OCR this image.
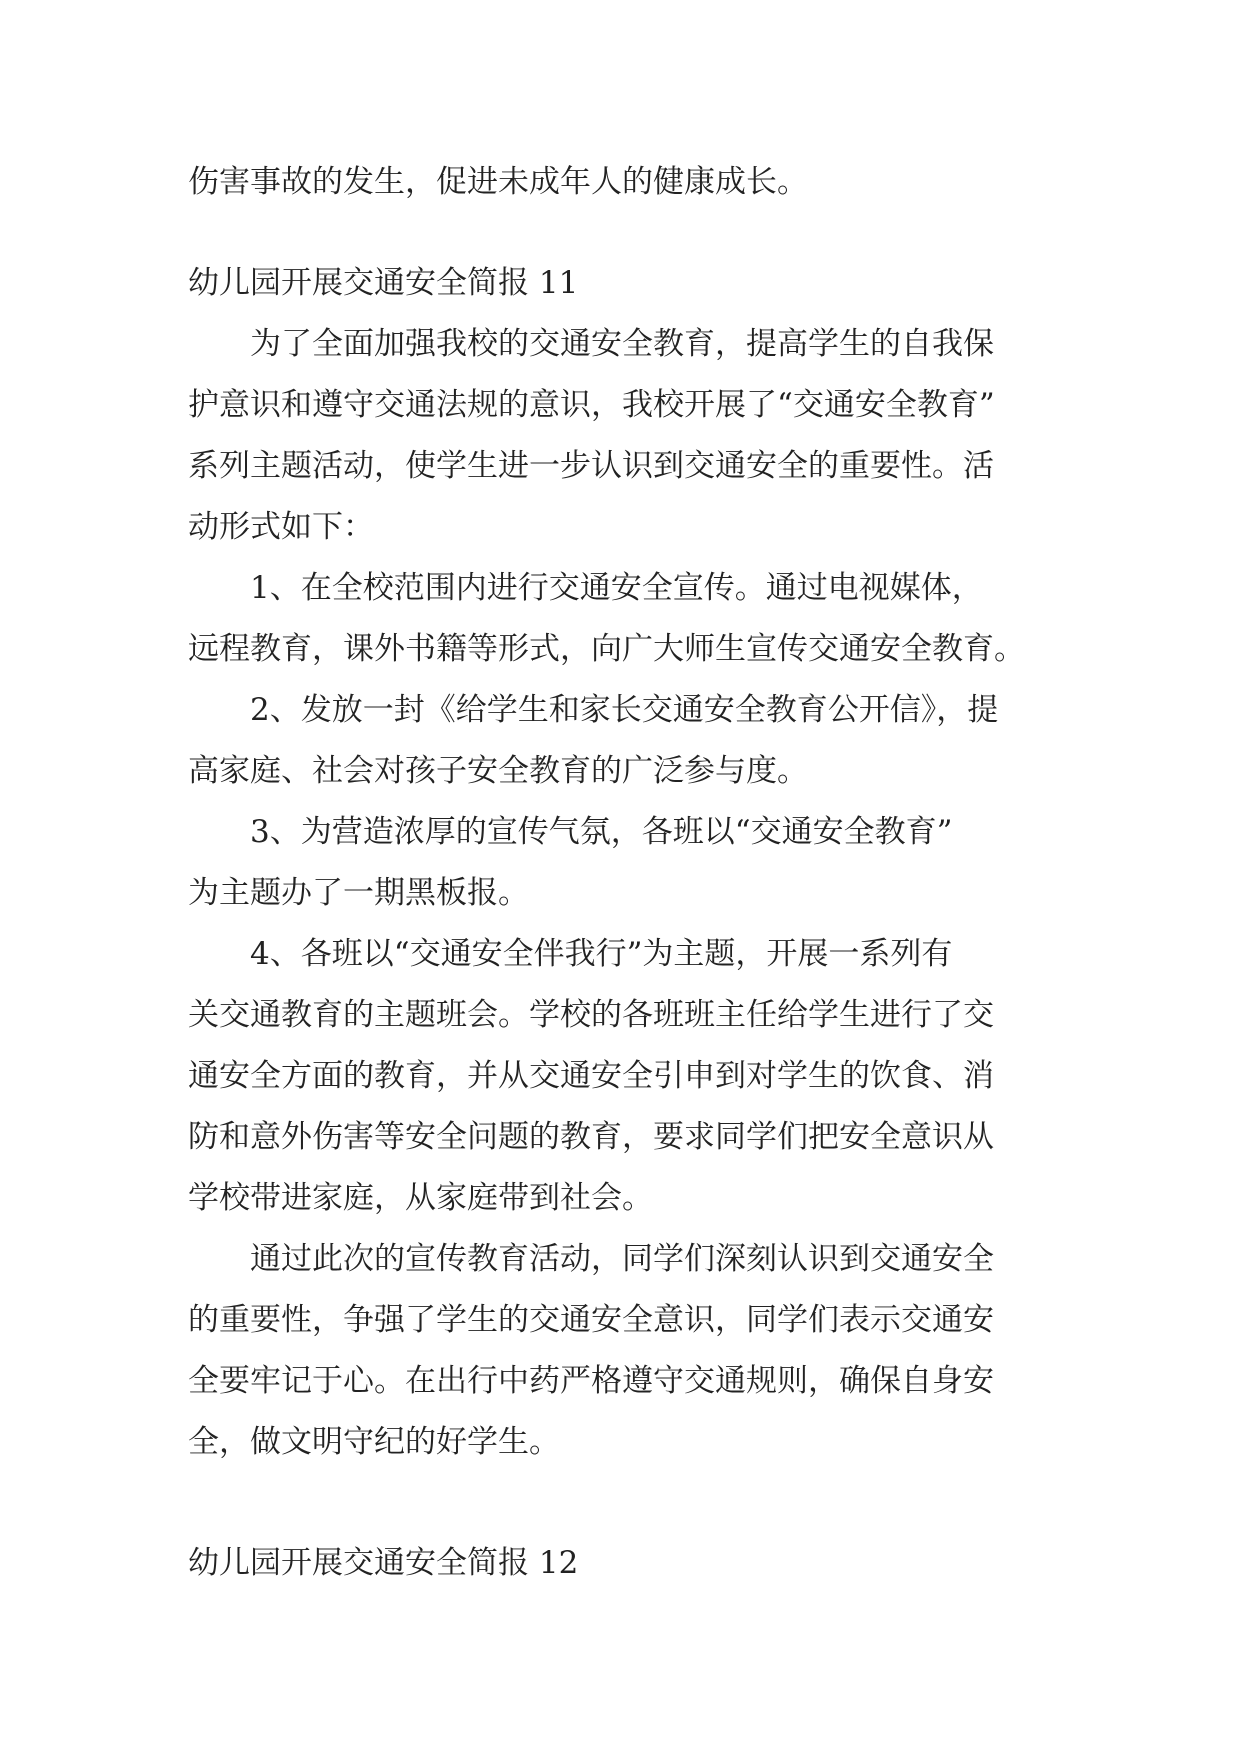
伤害事故的发生，促进未成年人的健康成长。
幼儿园开展交通安全简报 11
为了全面加强我校的交通安全教育，提高学生的自我保
护意识和遵守交通法规的意识，我校开展了“交通安全教育”
系列主题活动，使学生进一步认识到交通安全的重要性。活
动形式如下：
1、在全校范围内进行交通安全宣传。通过电视媒体，
远程教育，课外书籍等形式，向广大师生宣传交通安全教育。
2、发放一封《给学生和家长交通安全教育公开信》，提
高家庭、社会对孩子安全教育的广泛参与度。
3、为营造浓厚的宣传气氛，各班以“交通安全教育”
为主题办了一期黑板报。
4、各班以“交通安全伴我行”为主题，开展一系列有
关交通教育的主题班会。学校的各班班主任给学生进行了交
通安全方面的教育，并从交通安全引申到对学生的饮食、消
防和意外伤害等安全问题的教育，要求同学们把安全意识从
学校带进家庭，从家庭带到社会。
通过此次的宣传教育活动，同学们深刻认识到交通安全
的重要性，争强了学生的交通安全意识，同学们表示交通安
全要牢记于心。在出行中药严格遵守交通规则，确保自身安
全，做文明守纪的好学生。
幼儿园开展交通安全简报 12
